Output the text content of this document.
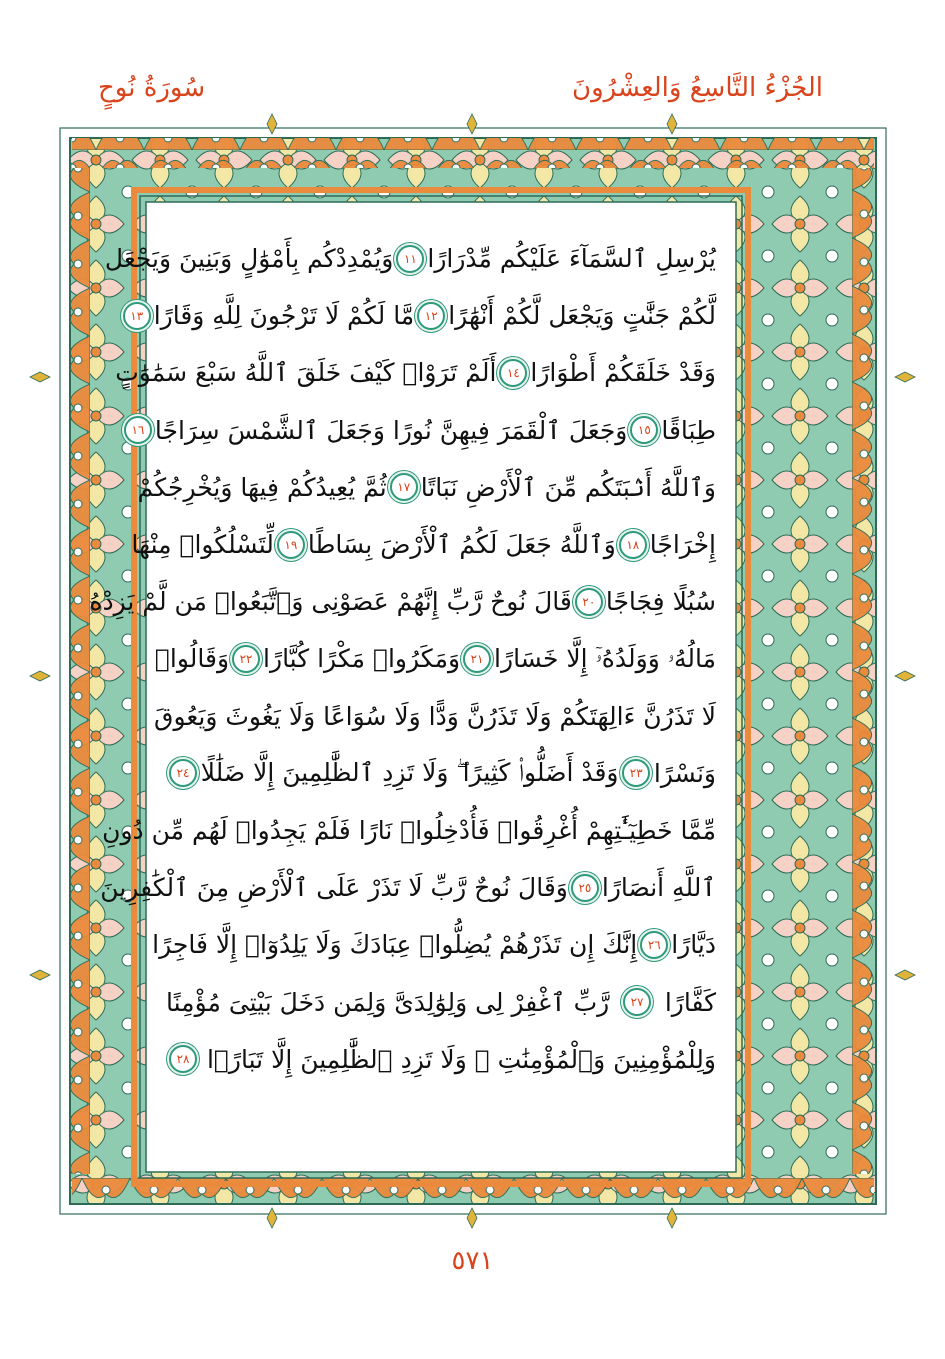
سُورَةُ نُوحٍ	الجُزْءُ التَّاسِعُ وَالعِشْرُونَ
يُرْسِلِ ٱلسَّمَآءَ عَلَيْكُم مِّدْرَارًا
١١
وَيُمْدِدْكُم بِأَمْوَٰلٍ وَبَنِينَ وَيَجْعَل
لَّكُمْ جَنَّٰتٍ وَيَجْعَل لَّكُمْ أَنْهَٰرًا
١٢
مَّا لَكُمْ لَا تَرْجُونَ لِلَّهِ وَقَارًا
١٣
وَقَدْ خَلَقَكُمْ أَطْوَارًا
١٤
أَلَمْ تَرَوْا۟ كَيْفَ خَلَقَ ٱللَّهُ سَبْعَ سَمَٰوَٰتٍ
طِبَاقًا
١٥
وَجَعَلَ ٱلْقَمَرَ فِيهِنَّ نُورًا وَجَعَلَ ٱلشَّمْسَ سِرَاجًا
١٦
وَٱللَّهُ أَنۢبَتَكُم مِّنَ ٱلْأَرْضِ نَبَاتًا
١٧
ثُمَّ يُعِيدُكُمْ فِيهَا وَيُخْرِجُكُمْ
إِخْرَاجًا
١٨
وَٱللَّهُ جَعَلَ لَكُمُ ٱلْأَرْضَ بِسَاطًا
١٩
لِّتَسْلُكُوا۟ مِنْهَا
سُبُلًا فِجَاجًا
٢٠
قَالَ نُوحٌ رَّبِّ إِنَّهُمْ عَصَوْنِى وَٱتَّبَعُوا۟ مَن لَّمْ يَزِدْهُ
مَالُهُۥ وَوَلَدُهُۥٓ إِلَّا خَسَارًا
٢١
وَمَكَرُوا۟ مَكْرًا كُبَّارًا
٢٢
وَقَالُوا۟
لَا تَذَرُنَّ ءَالِهَتَكُمْ وَلَا تَذَرُنَّ وَدًّا وَلَا سُوَاعًا وَلَا يَغُوثَ وَيَعُوقَ
وَنَسْرًا
٢٣
وَقَدْ أَضَلُّوا۟ كَثِيرًا ۖ وَلَا تَزِدِ ٱلظَّٰلِمِينَ إِلَّا ضَلَٰلًا
٢٤
مِّمَّا خَطِيٓـَٰٔتِهِمْ أُغْرِقُوا۟ فَأُدْخِلُوا۟ نَارًا فَلَمْ يَجِدُوا۟ لَهُم مِّن دُونِ
ٱللَّهِ أَنصَارًا
٢٥
وَقَالَ نُوحٌ رَّبِّ لَا تَذَرْ عَلَى ٱلْأَرْضِ مِنَ ٱلْكَٰفِرِينَ
دَيَّارًا
٢٦
إِنَّكَ إِن تَذَرْهُمْ يُضِلُّوا۟ عِبَادَكَ وَلَا يَلِدُوٓا۟ إِلَّا فَاجِرًا
كَفَّارًا
٢٧
رَّبِّ ٱغْفِرْ لِى وَلِوَٰلِدَىَّ وَلِمَن دَخَلَ بَيْتِىَ مُؤْمِنًا
وَلِلْمُؤْمِنِينَ وَٱلْمُؤْمِنَٰتِ ۖ وَلَا تَزِدِ ٱلظَّٰلِمِينَ إِلَّا تَبَارًۢا
٢٨
٥٧١
